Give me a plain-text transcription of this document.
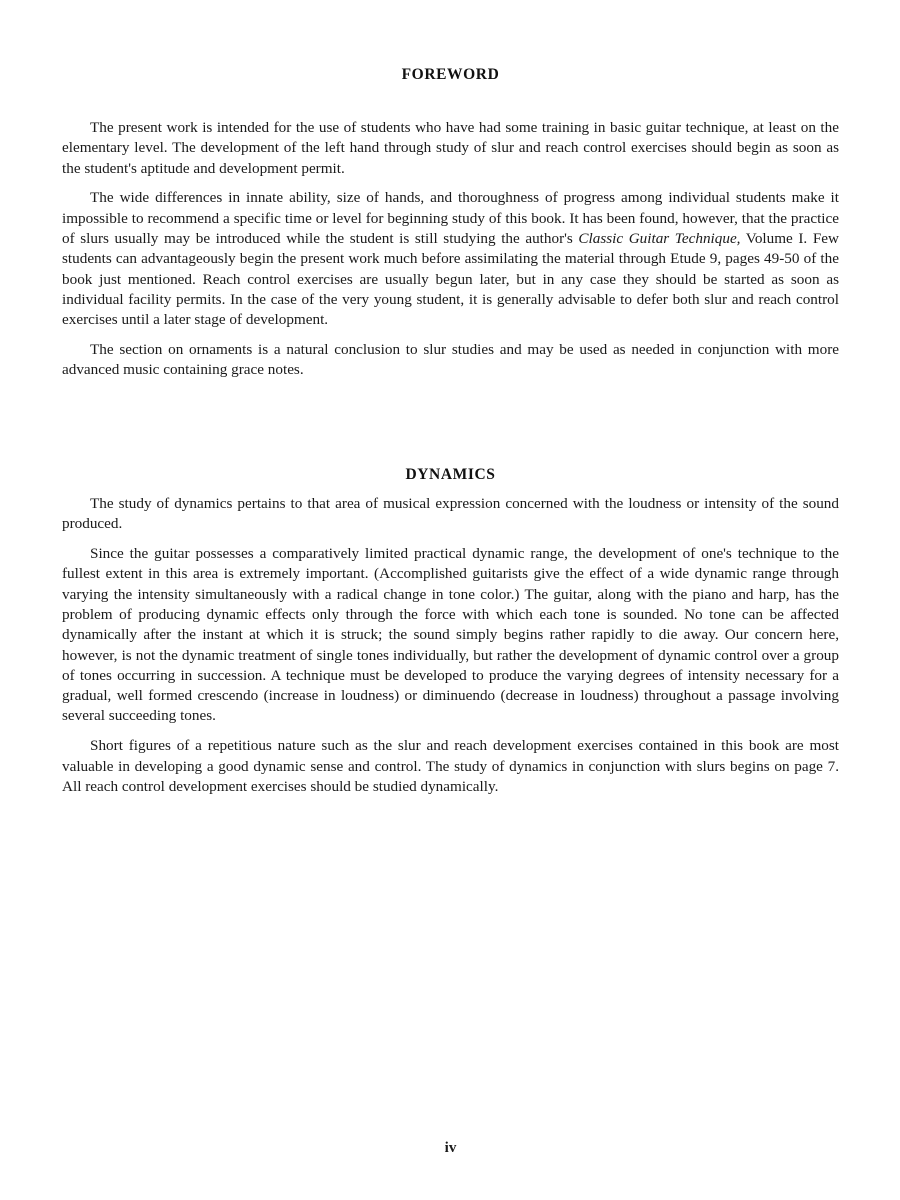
FOREWORD

The present work is intended for the use of students who have had some training in basic guitar technique, at least on the elementary level. The development of the left hand through study of slur and reach control exercises should begin as soon as the student's aptitude and development permit.

The wide differences in innate ability, size of hands, and thoroughness of progress among individual students make it impossible to recommend a specific time or level for beginning study of this book. It has been found, however, that the practice of slurs usually may be introduced while the student is still studying the author's Classic Guitar Technique, Volume I. Few students can advantageously begin the present work much before assimilating the material through Etude 9, pages 49-50 of the book just mentioned. Reach control exercises are usually begun later, but in any case they should be started as soon as individual facility permits. In the case of the very young student, it is generally advisable to defer both slur and reach control exercises until a later stage of development.

The section on ornaments is a natural conclusion to slur studies and may be used as needed in conjunction with more advanced music containing grace notes.

DYNAMICS

The study of dynamics pertains to that area of musical expression concerned with the loudness or intensity of the sound produced.

Since the guitar possesses a comparatively limited practical dynamic range, the development of one's technique to the fullest extent in this area is extremely important. (Accomplished guitarists give the effect of a wide dynamic range through varying the intensity simultaneously with a radical change in tone color.) The guitar, along with the piano and harp, has the problem of producing dynamic effects only through the force with which each tone is sounded. No tone can be affected dynamically after the instant at which it is struck; the sound simply begins rather rapidly to die away. Our concern here, however, is not the dynamic treatment of single tones individually, but rather the development of dynamic control over a group of tones occurring in succession. A technique must be developed to produce the varying degrees of intensity necessary for a gradual, well formed crescendo (increase in loudness) or diminuendo (decrease in loudness) throughout a passage involving several succeeding tones.

Short figures of a repetitious nature such as the slur and reach development exercises contained in this book are most valuable in developing a good dynamic sense and control. The study of dynamics in conjunction with slurs begins on page 7. All reach control development exercises should be studied dynamically.

iv
